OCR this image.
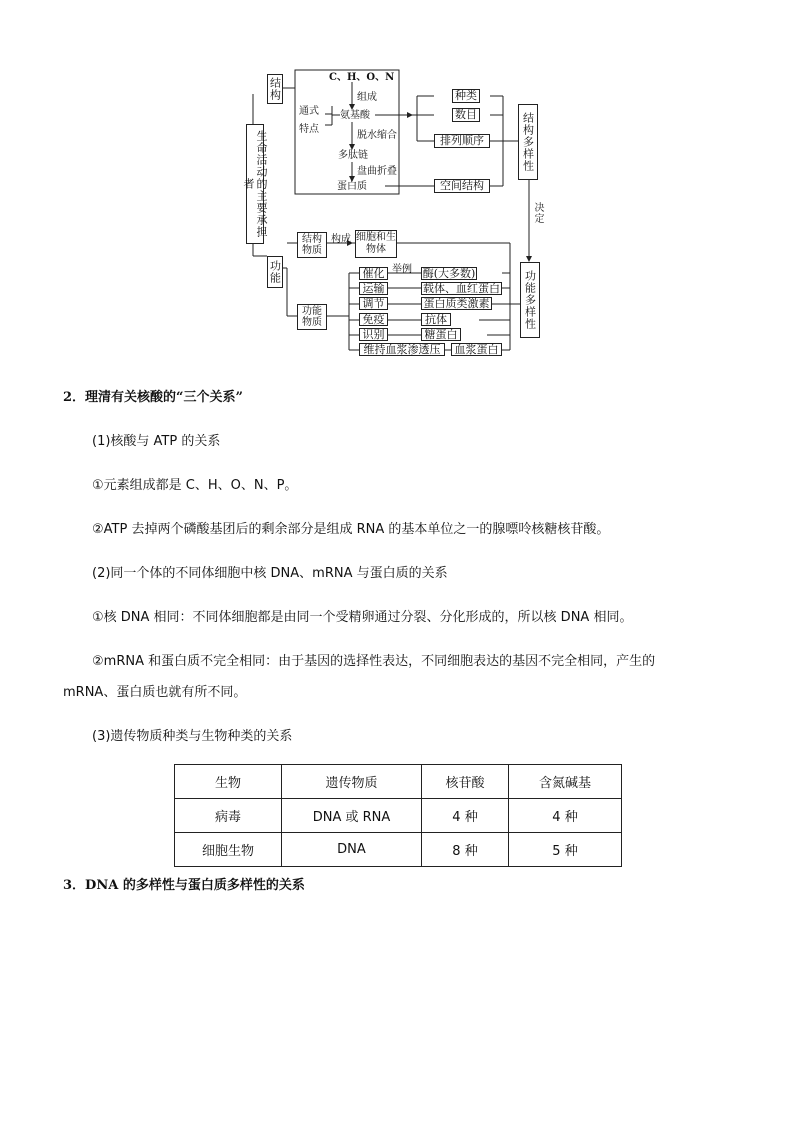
生命活动的主要承担者
结构
功能
C、H、O、N
组成
通式
特点
氨基酸
脱水缩合
多肽链
盘曲折叠
蛋白质
种类
数目
排列顺序
空间结构
结构多样性
决定
功能多样性
结构物质
构成 细胞和生物体
功能物质
举例
催化
运输
调节
免疫
识别
维持血浆渗透压
酶(大多数)
载体、血红蛋白
蛋白质类激素
抗体
糖蛋白
血浆蛋白
2．理清有关核酸的“三个关系”
(1)核酸与 ATP 的关系
①元素组成都是 C、H、O、N、P。
②ATP 去掉两个磷酸基团后的剩余部分是组成 RNA 的基本单位之一的腺嘌呤核糖核苷酸。
(2)同一个体的不同体细胞中核 DNA、mRNA 与蛋白质的关系
①核 DNA 相同：不同体细胞都是由同一个受精卵通过分裂、分化形成的，所以核 DNA 相同。
②mRNA 和蛋白质不完全相同：由于基因的选择性表达，不同细胞表达的基因不完全相同，产生的
mRNA、蛋白质也就有所不同。
(3)遗传物质种类与生物种类的关系
生物	遗传物质	核苷酸	含氮碱基
病毒	DNA 或 RNA	4 种	4 种
细胞生物	DNA	8 种	5 种
3．DNA 的多样性与蛋白质多样性的关系
